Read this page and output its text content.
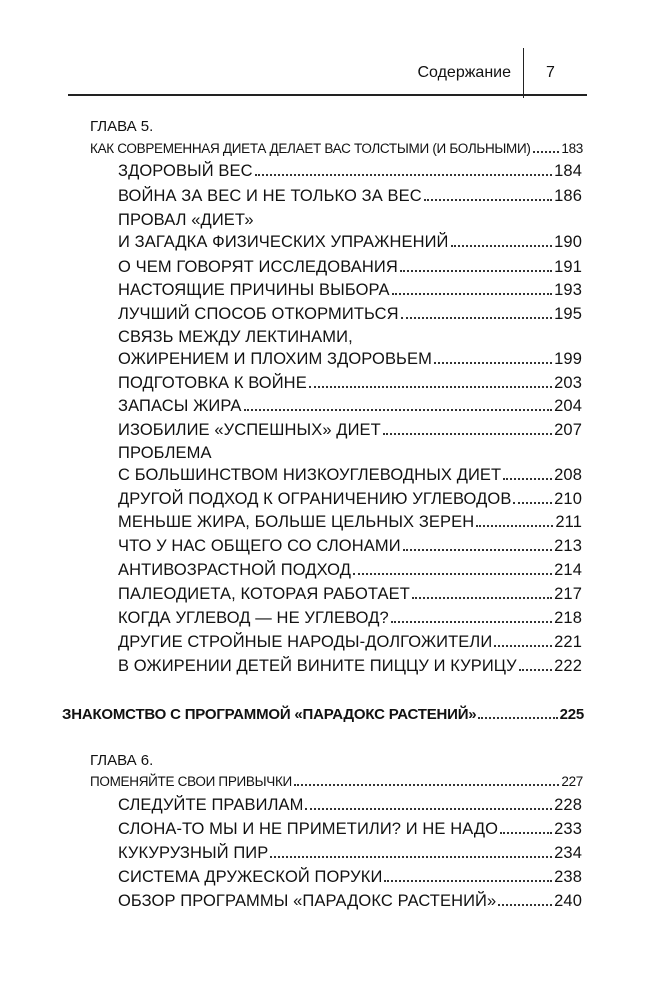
Содержание 7
ГЛАВА 5.
КАК СОВРЕМЕННАЯ ДИЕТА ДЕЛАЕТ ВАС ТОЛСТЫМИ (И БОЛЬНЫМИ) 183
ЗДОРОВЫЙ ВЕС	184
ВОЙНА ЗА ВЕС И НЕ ТОЛЬКО ЗА ВЕС	186
ПРОВАЛ «ДИЕТ»
И ЗАГАДКА ФИЗИЧЕСКИХ УПРАЖНЕНИЙ	190
О ЧЕМ ГОВОРЯТ ИССЛЕДОВАНИЯ	191
НАСТОЯЩИЕ ПРИЧИНЫ ВЫБОРА	193
ЛУЧШИЙ СПОСОБ ОТКОРМИТЬСЯ	195
СВЯЗЬ МЕЖДУ ЛЕКТИНАМИ,
ОЖИРЕНИЕМ И ПЛОХИМ ЗДОРОВЬЕМ	199
ПОДГОТОВКА К ВОЙНЕ	203
ЗАПАСЫ ЖИРА	204
ИЗОБИЛИЕ «УСПЕШНЫХ» ДИЕТ	207
ПРОБЛЕМА
С БОЛЬШИНСТВОМ НИЗКОУГЛЕВОДНЫХ ДИЕТ	208
ДРУГОЙ ПОДХОД К ОГРАНИЧЕНИЮ УГЛЕВОДОВ	210
МЕНЬШЕ ЖИРА, БОЛЬШЕ ЦЕЛЬНЫХ ЗЕРЕН	211
ЧТО У НАС ОБЩЕГО СО СЛОНАМИ	213
АНТИВОЗРАСТНОЙ ПОДХОД	214
ПАЛЕОДИЕТА, КОТОРАЯ РАБОТАЕТ	217
КОГДА УГЛЕВОД — НЕ УГЛЕВОД?	218
ДРУГИЕ СТРОЙНЫЕ НАРОДЫ-ДОЛГОЖИТЕЛИ	221
В ОЖИРЕНИИ ДЕТЕЙ ВИНИТЕ ПИЦЦУ И КУРИЦУ 222
ЗНАКОМСТВО С ПРОГРАММОЙ «ПАРАДОКС РАСТЕНИЙ»	225
ГЛАВА 6.
ПОМЕНЯЙТЕ СВОИ ПРИВЫЧКИ	227
СЛЕДУЙТЕ ПРАВИЛАМ	228
СЛОНА-ТО МЫ И НЕ ПРИМЕТИЛИ? И НЕ НАДО	233
КУКУРУЗНЫЙ ПИР	234
СИСТЕМА ДРУЖЕСКОЙ ПОРУКИ	238
ОБЗОР ПРОГРАММЫ «ПАРАДОКС РАСТЕНИЙ»	240
